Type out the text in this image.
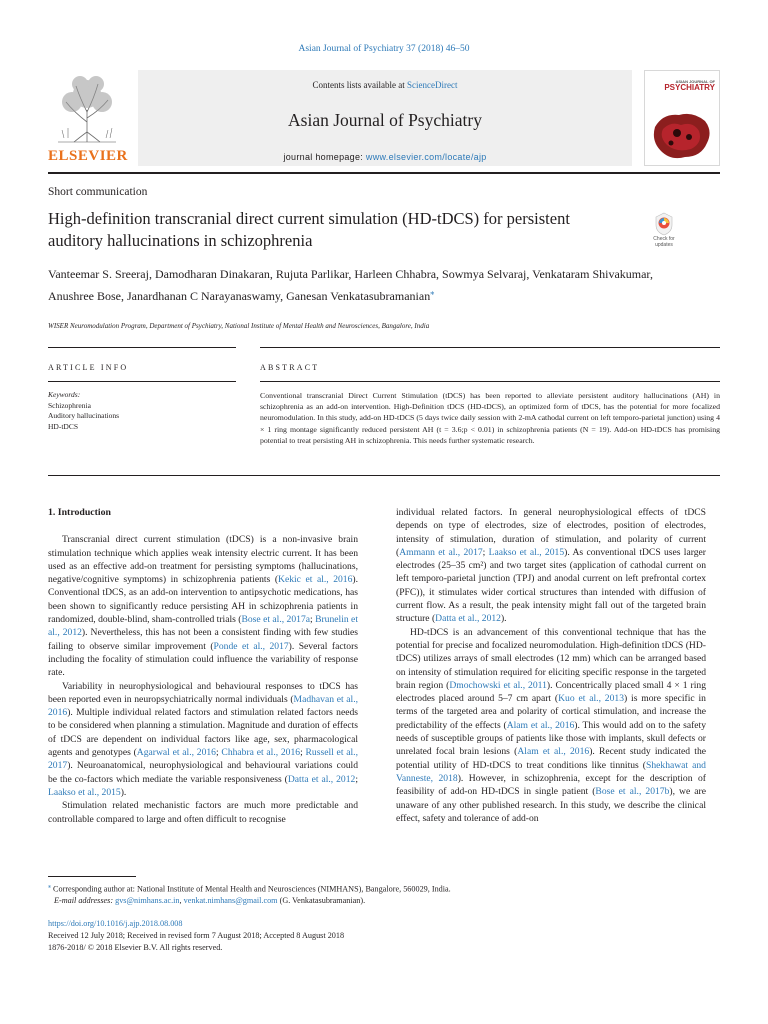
Asian Journal of Psychiatry 37 (2018) 46–50
ELSEVIER
Contents lists available at ScienceDirect
Asian Journal of Psychiatry
journal homepage: www.elsevier.com/locate/ajp
ASIAN JOURNAL OF
PSYCHIATRY
Short communication
High-definition transcranial direct current simulation (HD-tDCS) for persistent auditory hallucinations in schizophrenia	Check for updates
Vanteemar S. Sreeraj, Damodharan Dinakaran, Rujuta Parlikar, Harleen Chhabra, Sowmya Selvaraj, Venkataram Shivakumar, Anushree Bose, Janardhanan C Narayanaswamy, Ganesan Venkatasubramanian⁎
WISER Neuromodulation Program, Department of Psychiatry, National Institute of Mental Health and Neurosciences, Bangalore, India
ARTICLE INFO	ABSTRACT
Keywords:
Schizophrenia
Auditory hallucinations
HD-tDCS
Conventional transcranial Direct Current Stimulation (tDCS) has been reported to alleviate persistent auditory hallucinations (AH) in schizophrenia as an add-on intervention. High-Definition tDCS (HD-tDCS), an optimized form of tDCS, has the potential for more focalized neuromodulation. In this study, add-on HD-tDCS (5 days twice daily session with 2-mA cathodal current on left temporo-parietal junction) using 4 × 1 ring montage significantly reduced persistent AH (t = 3.6;p < 0.01) in schizophrenia patients (N = 19). Add-on HD-tDCS has promising potential to treat persisting AH in schizophrenia. This needs further systematic research.
1. Introduction

Transcranial direct current stimulation (tDCS) is a non-invasive brain stimulation technique which applies weak intensity electric current. It has been used as an effective add-on treatment for persisting symptoms (hallucinations, negative/cognitive symptoms) in schizophrenia patients (Kekic et al., 2016). Conventional tDCS, as an add-on intervention to antipsychotic medications, has been shown to significantly reduce persisting AH in schizophrenia patients in randomized, double-blind, sham-controlled trials (Bose et al., 2017a; Brunelin et al., 2012). Nevertheless, this has not been a consistent finding with few studies failing to observe similar improvement (Ponde et al., 2017). Several factors including the focality of stimulation could influence the variability of response rate.

Variability in neurophysiological and behavioural responses to tDCS has been reported even in neuropsychiatrically normal individuals (Madhavan et al., 2016). Multiple individual related factors and stimulation related factors needs to be considered when planning a stimulation. Magnitude and duration of effects of tDCS are dependent on individual factors like age, sex, pharmacological agents and genotypes (Agarwal et al., 2016; Chhabra et al., 2016; Russell et al., 2017). Neuroanatomical, neurophysiological and behavioural variations could be the co-factors which mediate the variable responsiveness (Datta et al., 2012; Laakso et al., 2015).

Stimulation related mechanistic factors are much more predictable and controllable compared to large and often difficult to recognise

individual related factors. In general neurophysiological effects of tDCS depends on type of electrodes, size of electrodes, position of electrodes, intensity of stimulation, duration of stimulation, and polarity of current (Ammann et al., 2017; Laakso et al., 2015). As conventional tDCS uses larger electrodes (25–35 cm²) and two target sites (application of cathodal current on left temporo-parietal junction (TPJ) and anodal current on left prefrontal cortex (PFC)), it stimulates wider cortical structures than intended with diffusion of current flow. As a result, the peak intensity might fall out of the targeted brain structure (Datta et al., 2012).

HD-tDCS is an advancement of this conventional technique that has the potential for precise and focalized neuromodulation. High-definition tDCS (HD-tDCS) utilizes arrays of small electrodes (12 mm) which can be arranged based on intensity of stimulation required for eliciting specific response in the targeted brain region (Dmochowski et al., 2011). Concentrically placed small 4 × 1 ring electrodes placed around 5–7 cm apart (Kuo et al., 2013) is more specific in terms of the targeted area and polarity of cortical stimulation, and increase the predictability of the effects (Alam et al., 2016). This would add on to the safety needs of susceptible groups of patients like those with implants, skull defects or unrelated focal brain lesions (Alam et al., 2016). Recent study indicated the potential utility of HD-tDCS to treat conditions like tinnitus (Shekhawat and Vanneste, 2018). However, in schizophrenia, except for the description of feasibility of add-on HD-tDCS in single patient (Bose et al., 2017b), we are unaware of any other published research. In this study, we describe the clinical effect, safety and tolerance of add-on

⁎ Corresponding author at: National Institute of Mental Health and Neurosciences (NIMHANS), Bangalore, 560029, India.
E-mail addresses: gvs@nimhans.ac.in, venkat.nimhans@gmail.com (G. Venkatasubramanian).
https://doi.org/10.1016/j.ajp.2018.08.008
Received 12 July 2018; Received in revised form 7 August 2018; Accepted 8 August 2018
1876-2018/ © 2018 Elsevier B.V. All rights reserved.
